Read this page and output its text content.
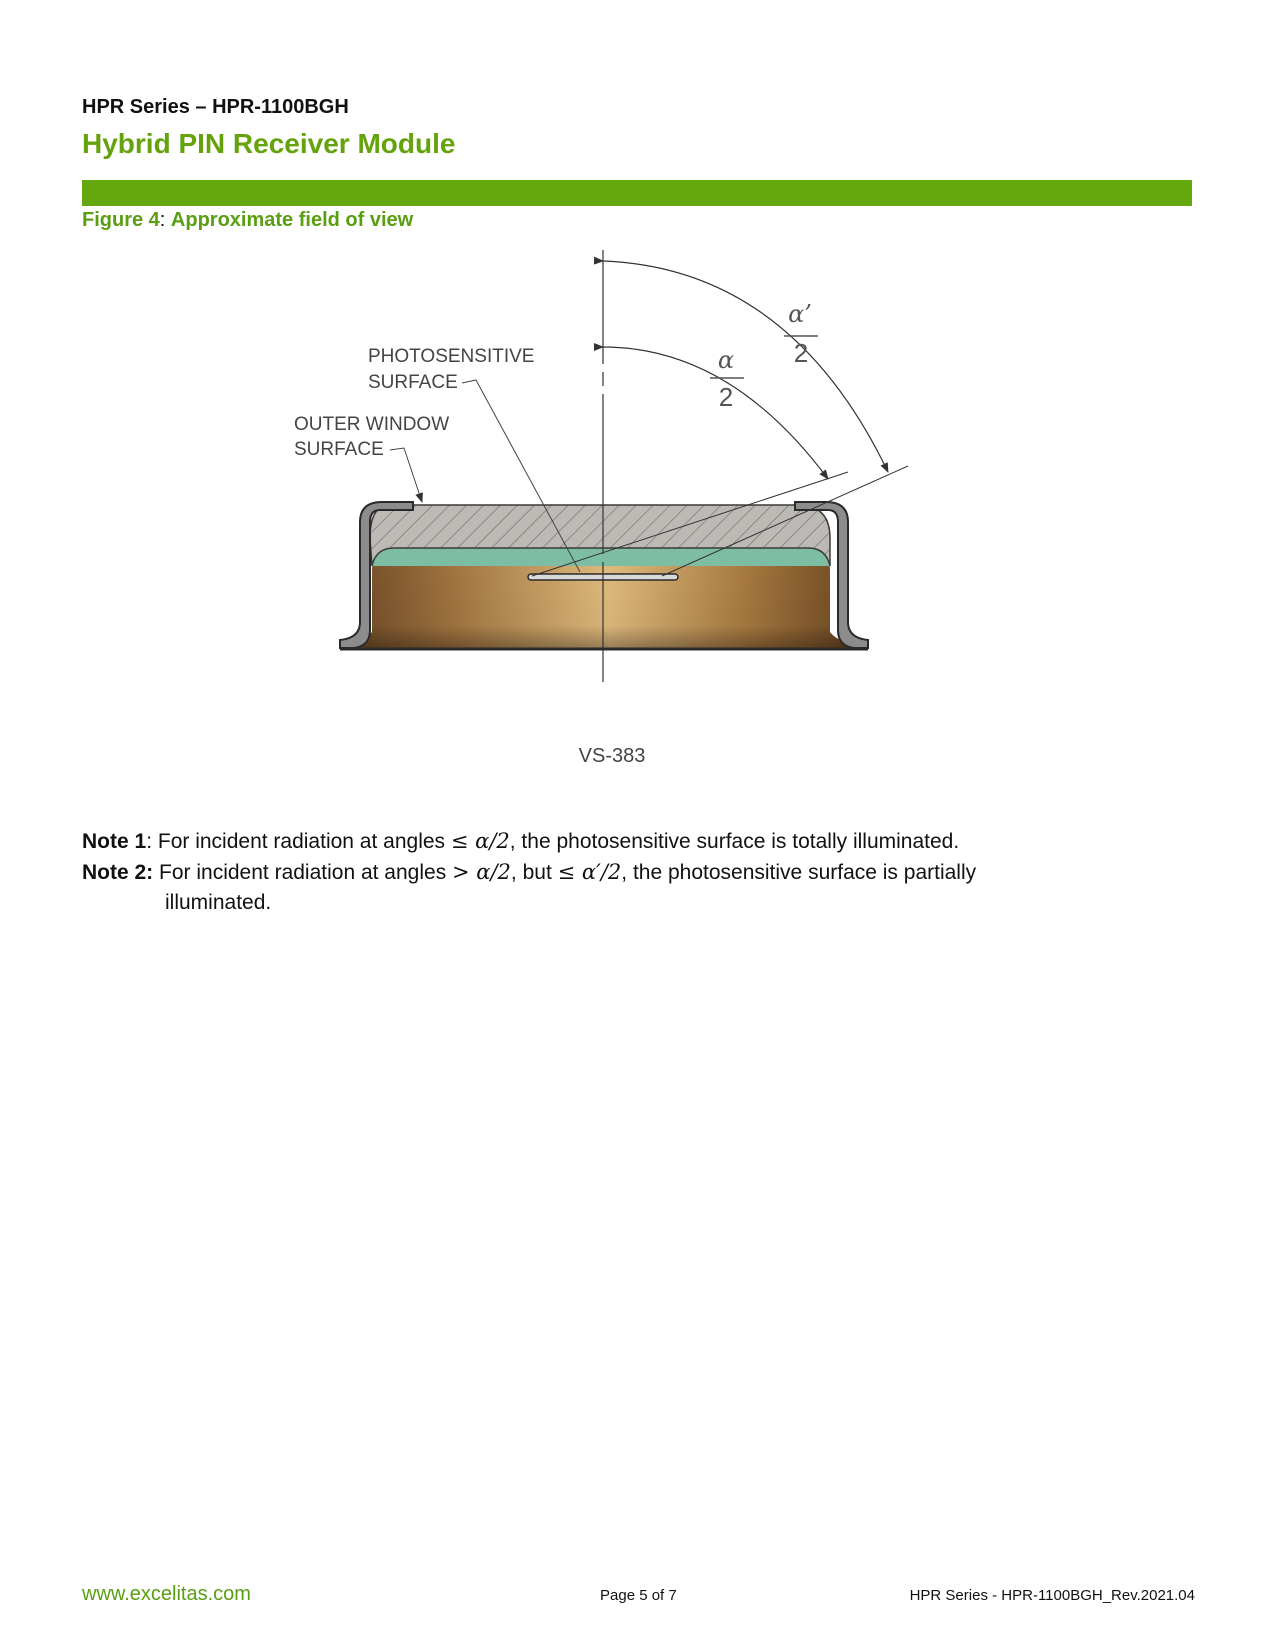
HPR Series – HPR-1100BGH
Hybrid PIN Receiver Module
Figure 4: Approximate field of view
α
2
α’
2
PHOTOSENSITIVE
SURFACE
OUTER WINDOW
SURFACE
VS-383
Note 1: For incident radiation at angles ≤ α/2, the photosensitive surface is totally illuminated.
Note 2: For incident radiation at angles > α/2, but ≤ α′/2, the photosensitive surface is partially
illuminated.
www.excelitas.com	Page 5 of 7	HPR Series - HPR-1100BGH_Rev.2021.04
